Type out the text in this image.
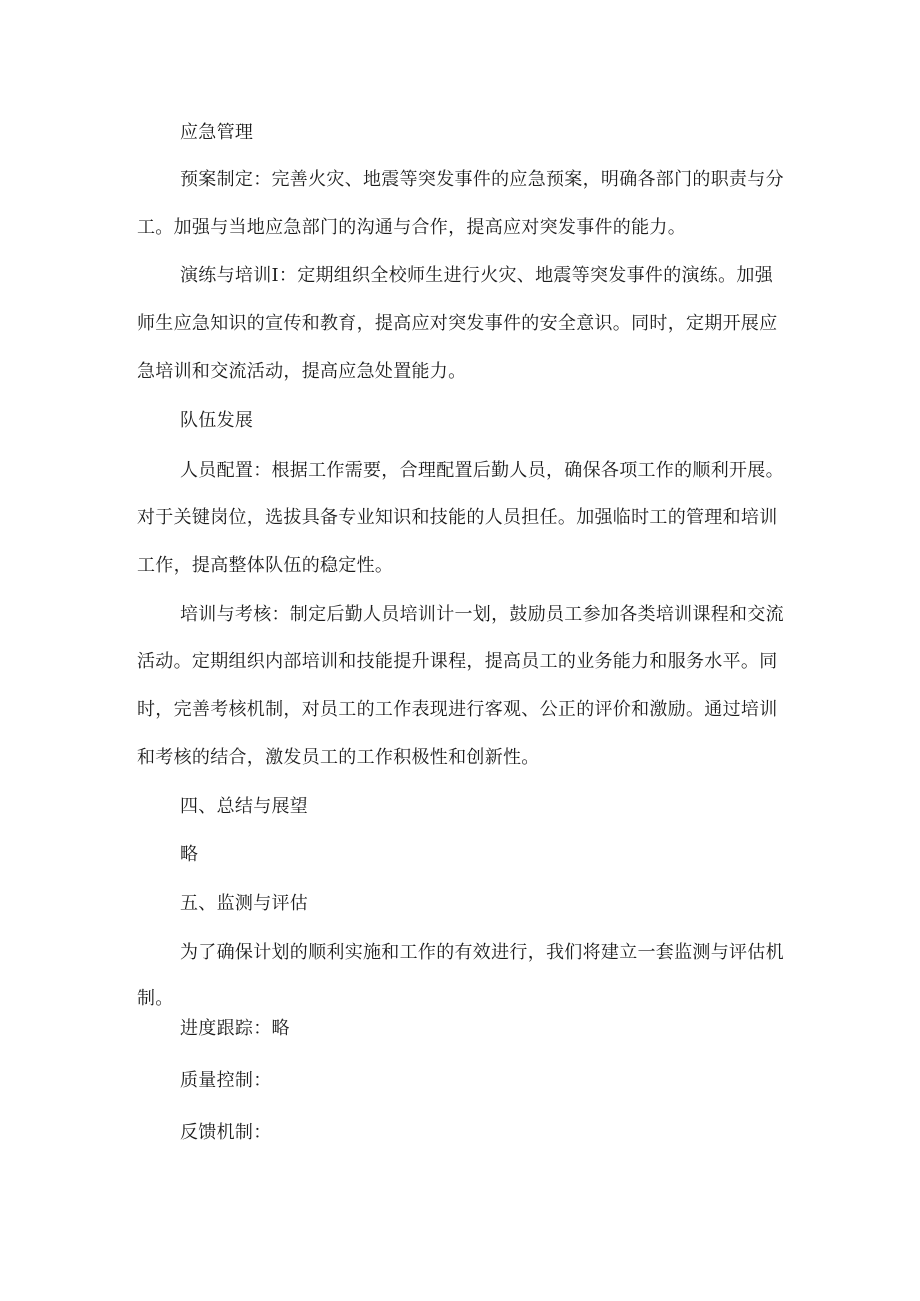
应急管理
预案制定：完善火灾、地震等突发事件的应急预案，明确各部门的职责与分
工。加强与当地应急部门的沟通与合作，提高应对突发事件的能力。
演练与培训I：定期组织全校师生进行火灾、地震等突发事件的演练。加强
师生应急知识的宣传和教育，提高应对突发事件的安全意识。同时，定期开展应
急培训和交流活动，提高应急处置能力。
队伍发展
人员配置：根据工作需要，合理配置后勤人员，确保各项工作的顺利开展。
对于关键岗位，选拔具备专业知识和技能的人员担任。加强临时工的管理和培训
工作，提高整体队伍的稳定性。
培训与考核：制定后勤人员培训计一划，鼓励员工参加各类培训课程和交流
活动。定期组织内部培训和技能提升课程，提高员工的业务能力和服务水平。同
时，完善考核机制，对员工的工作表现进行客观、公正的评价和激励。通过培训
和考核的结合，激发员工的工作积极性和创新性。
四、总结与展望
略
五、监测与评估
为了确保计划的顺利实施和工作的有效进行，我们将建立一套监测与评估机
制。
进度跟踪：略
质量控制：
反馈机制：
